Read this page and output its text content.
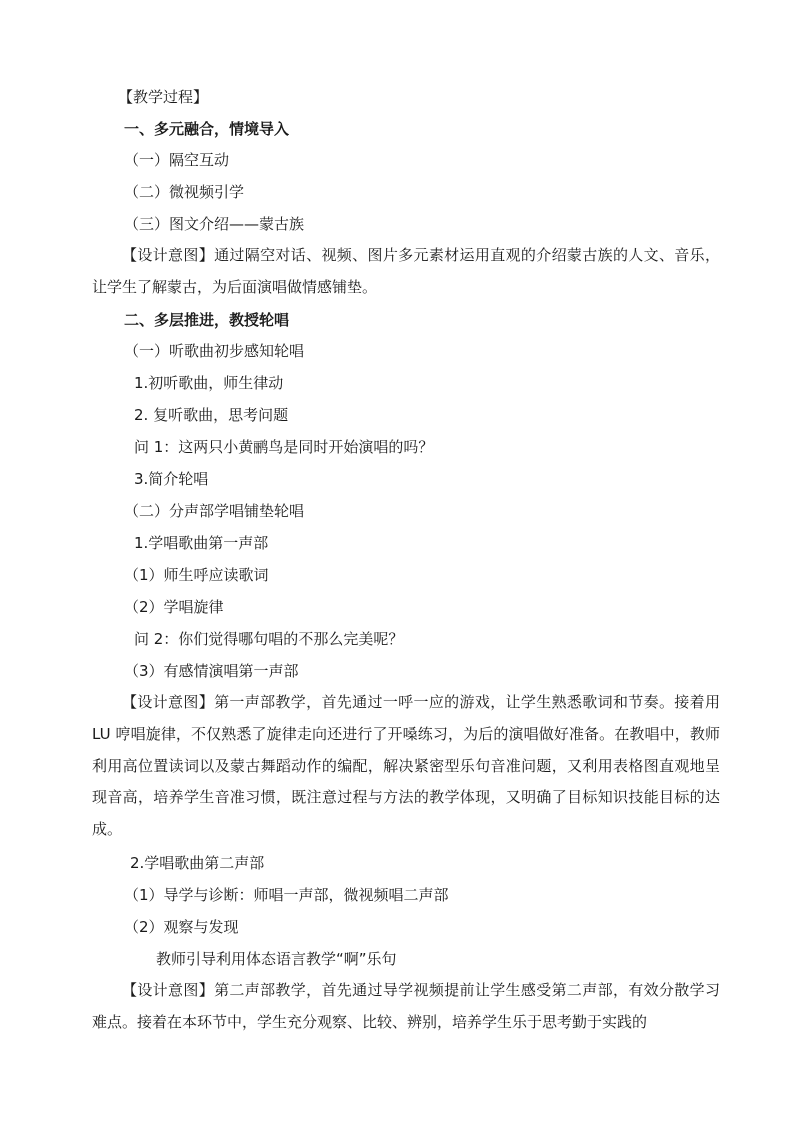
【教学过程】
一、多元融合，情境导入
（一）隔空互动
（二）微视频引学
（三）图文介绍——蒙古族
【设计意图】通过隔空对话、视频、图片多元素材运用直观的介绍蒙古族的人文、音乐，让学生了解蒙古，为后面演唱做情感铺垫。
二、多层推进，教授轮唱
（一）听歌曲初步感知轮唱
1.初听歌曲，师生律动
2. 复听歌曲，思考问题
问 1：这两只小黄鹂鸟是同时开始演唱的吗？
3.简介轮唱
（二）分声部学唱铺垫轮唱
1.学唱歌曲第一声部
（1）师生呼应读歌词
（2）学唱旋律
问 2：你们觉得哪句唱的不那么完美呢？
（3）有感情演唱第一声部
【设计意图】第一声部教学，首先通过一呼一应的游戏，让学生熟悉歌词和节奏。接着用 LU 哼唱旋律，不仅熟悉了旋律走向还进行了开嗓练习，为后的演唱做好准备。在教唱中，教师利用高位置读词以及蒙古舞蹈动作的编配，解决紧密型乐句音准问题，又利用表格图直观地呈现音高，培养学生音准习惯，既注意过程与方法的教学体现，又明确了目标知识技能目标的达成。
2.学唱歌曲第二声部
（1）导学与诊断：师唱一声部，微视频唱二声部
（2）观察与发现
教师引导利用体态语言教学“啊”乐句
【设计意图】第二声部教学，首先通过导学视频提前让学生感受第二声部，有效分散学习难点。接着在本环节中，学生充分观察、比较、辨别，培养学生乐于思考勤于实践的
